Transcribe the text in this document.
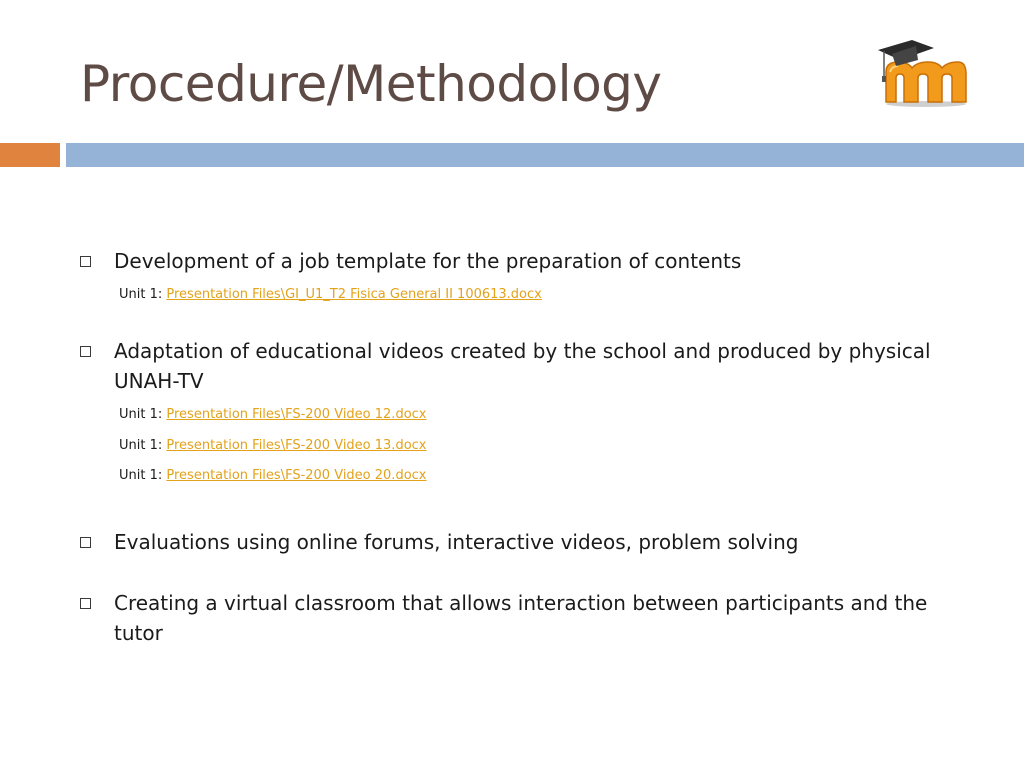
Procedure/Methodology
Development of a job template for the preparation of contents
Unit 1: Presentation Files\GI_U1_T2 Fisica General II 100613.docx
Adaptation of educational videos created by the school and produced by physical UNAH-TV
Unit 1: Presentation Files\FS-200 Video 12.docx
Unit 1: Presentation Files\FS-200 Video 13.docx
Unit 1: Presentation Files\FS-200 Video 20.docx
Evaluations using online forums, interactive videos, problem solving
Creating a virtual classroom that allows interaction between participants and the tutor
